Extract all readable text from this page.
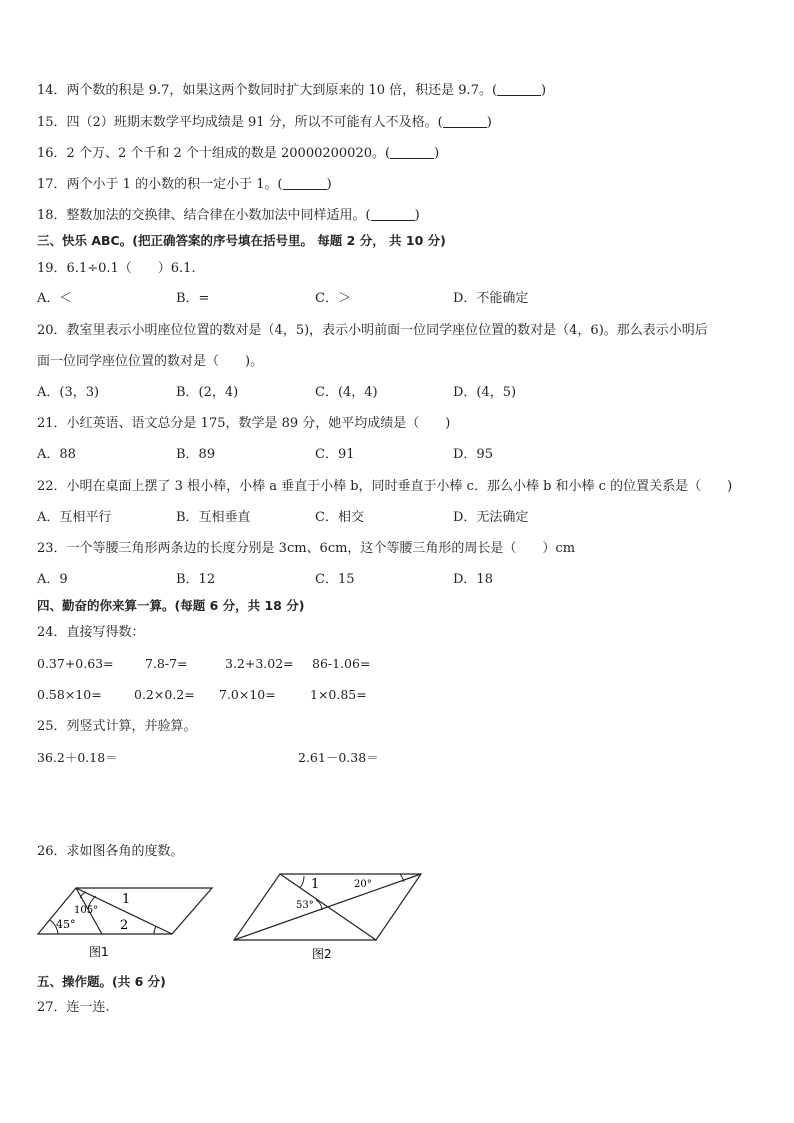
14．两个数的积是 9.7，如果这两个数同时扩大到原来的 10 倍，积还是 9.7。(	)
15．四（2）班期末数学平均成绩是 91 分，所以不可能有人不及格。(	)
16．2 个万、2 个千和 2 个十组成的数是 20000200020。(	)
17．两个小于 1 的小数的积一定小于 1。(	)
18．整数加法的交换律、结合律在小数加法中同样适用。(	)
三、快乐 ABC。(把正确答案的序号填在括号里。 每题 2 分， 共 10 分)
19．6.1÷0.1（　　）6.1.
A．＜	B．=	C．＞	D．不能确定
20．教室里表示小明座位位置的数对是（4，5)，表示小明前面一位同学座位位置的数对是（4，6)。那么表示小明后
面一位同学座位位置的数对是（　　)。
A．(3，3)	B．(2，4)	C．(4，4)	D．(4，5)
21．小红英语、语文总分是 175，数学是 89 分，她平均成绩是（　　)
A．88	B．89	C．91	D．95
22．小明在桌面上摆了 3 根小棒，小棒 a 垂直于小棒 b，同时垂直于小棒 c．那么小棒 b 和小棒 c 的位置关系是（　　)
A．互相平行	B．互相垂直	C．相交	D．无法确定
23．一个等腰三角形两条边的长度分别是 3cm、6cm，这个等腰三角形的周长是（　　）cm
A．9	B．12	C．15	D．18
四、勤奋的你来算一算。(每题 6 分，共 18 分)
24．直接写得数：
0.37+0.63=	7.8-7=	3.2+3.02= 86-1.06=
0.58×10=	0.2×0.2= 7.0×10=	1×0.85=
25．列竖式计算，并验算。
36.2＋0.18＝	2.61－0.38＝
26．求如图各角的度数。
1
2
105°
45°
图1
1	20°
53°
图2
五、操作题。(共 6 分)
27．连一连.
